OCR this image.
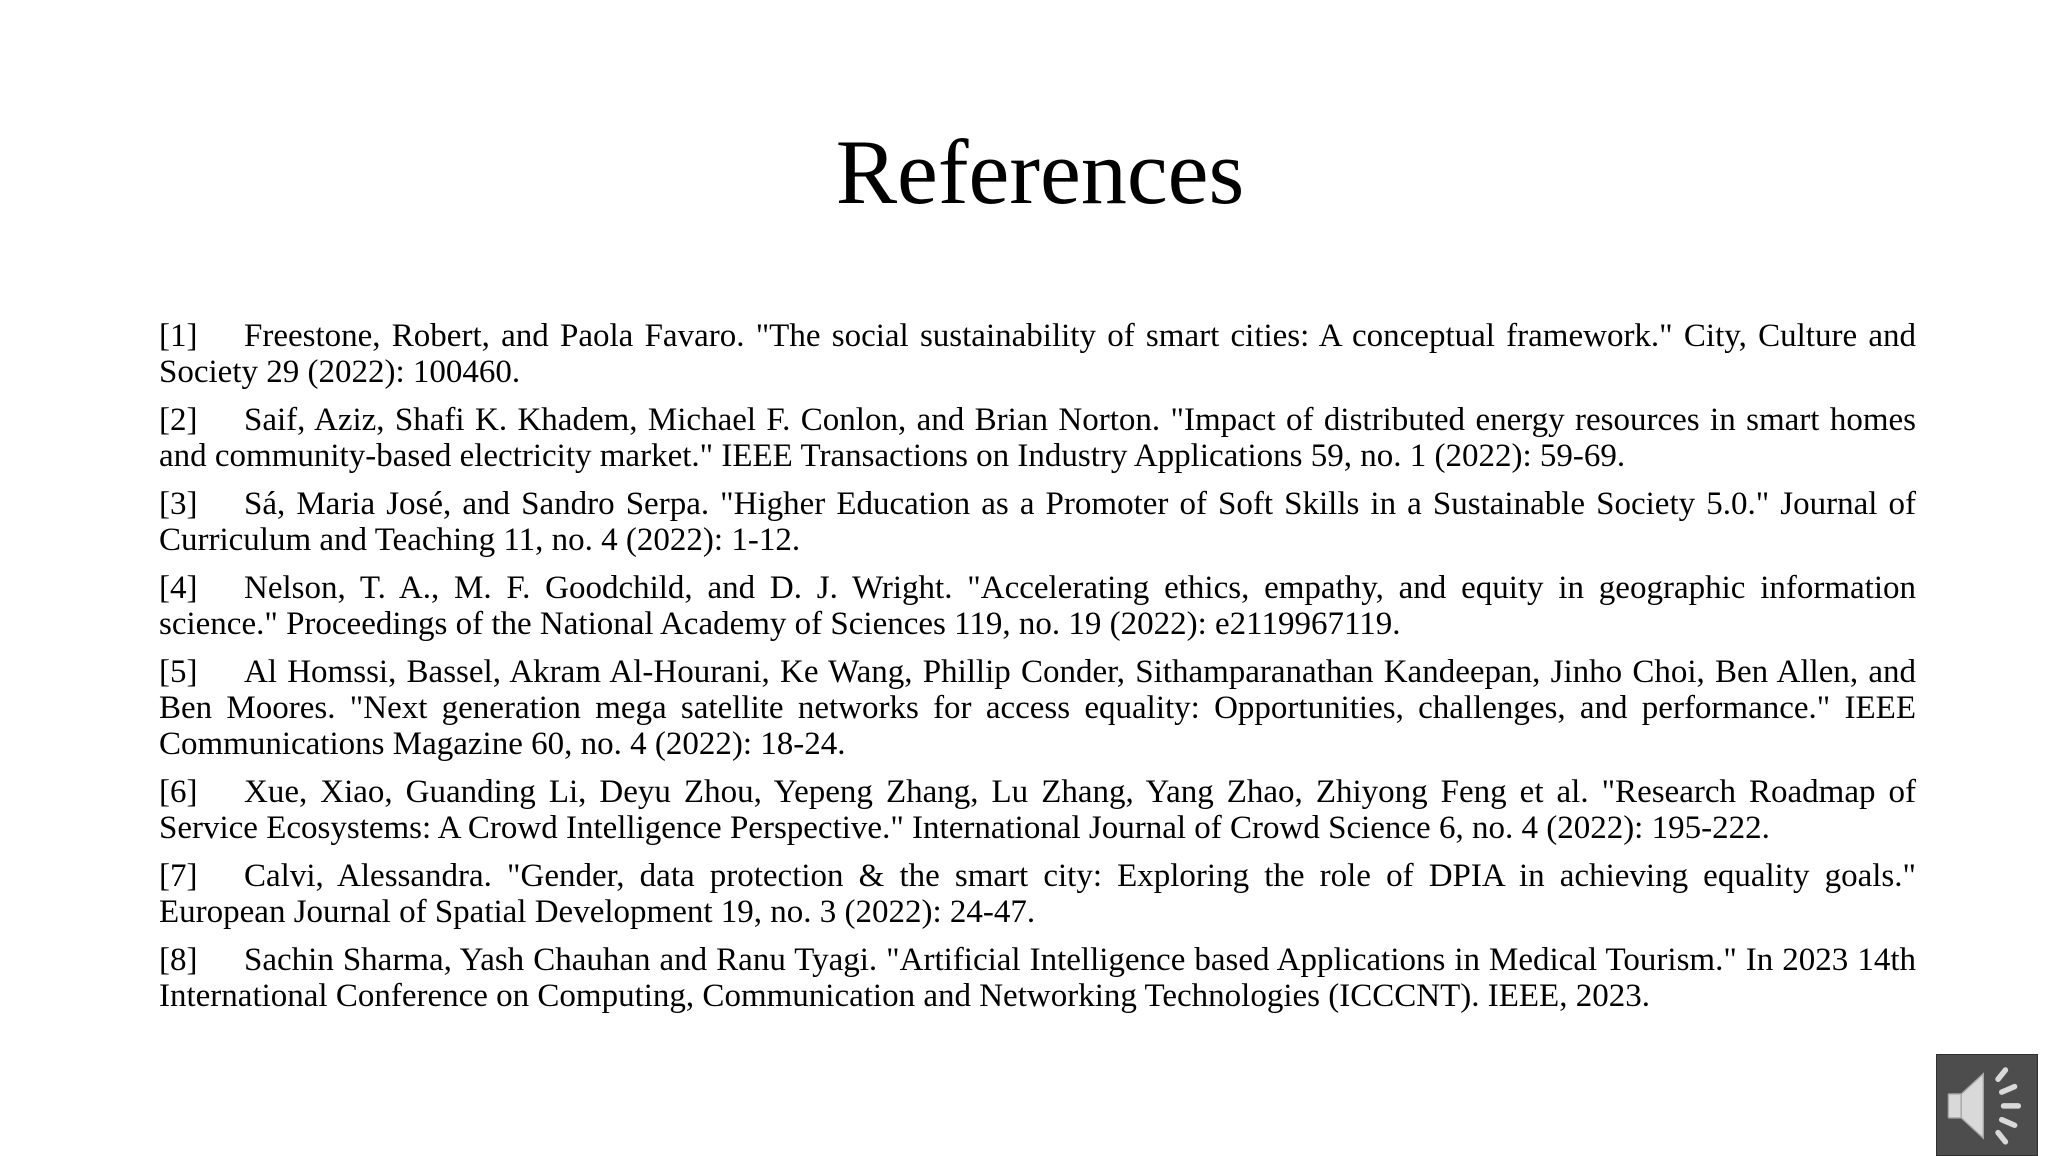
References
[1] Freestone, Robert, and Paola Favaro. "The social sustainability of smart cities: A conceptual framework." City, Culture and Society 29 (2022): 100460.
[2] Saif, Aziz, Shafi K. Khadem, Michael F. Conlon, and Brian Norton. "Impact of distributed energy resources in smart homes and community-based electricity market." IEEE Transactions on Industry Applications 59, no. 1 (2022): 59-69.
[3] Sá, Maria José, and Sandro Serpa. "Higher Education as a Promoter of Soft Skills in a Sustainable Society 5.0." Journal of Curriculum and Teaching 11, no. 4 (2022): 1-12.
[4] Nelson, T. A., M. F. Goodchild, and D. J. Wright. "Accelerating ethics, empathy, and equity in geographic information science." Proceedings of the National Academy of Sciences 119, no. 19 (2022): e2119967119.
[5] Al Homssi, Bassel, Akram Al-Hourani, Ke Wang, Phillip Conder, Sithamparanathan Kandeepan, Jinho Choi, Ben Allen, and Ben Moores. "Next generation mega satellite networks for access equality: Opportunities, challenges, and performance." IEEE Communications Magazine 60, no. 4 (2022): 18-24.
[6] Xue, Xiao, Guanding Li, Deyu Zhou, Yepeng Zhang, Lu Zhang, Yang Zhao, Zhiyong Feng et al. "Research Roadmap of Service Ecosystems: A Crowd Intelligence Perspective." International Journal of Crowd Science 6, no. 4 (2022): 195-222.
[7] Calvi, Alessandra. "Gender, data protection & the smart city: Exploring the role of DPIA in achieving equality goals." European Journal of Spatial Development 19, no. 3 (2022): 24-47.
[8] Sachin Sharma, Yash Chauhan and Ranu Tyagi. "Artificial Intelligence based Applications in Medical Tourism." In 2023 14th International Conference on Computing, Communication and Networking Technologies (ICCCNT). IEEE, 2023.
